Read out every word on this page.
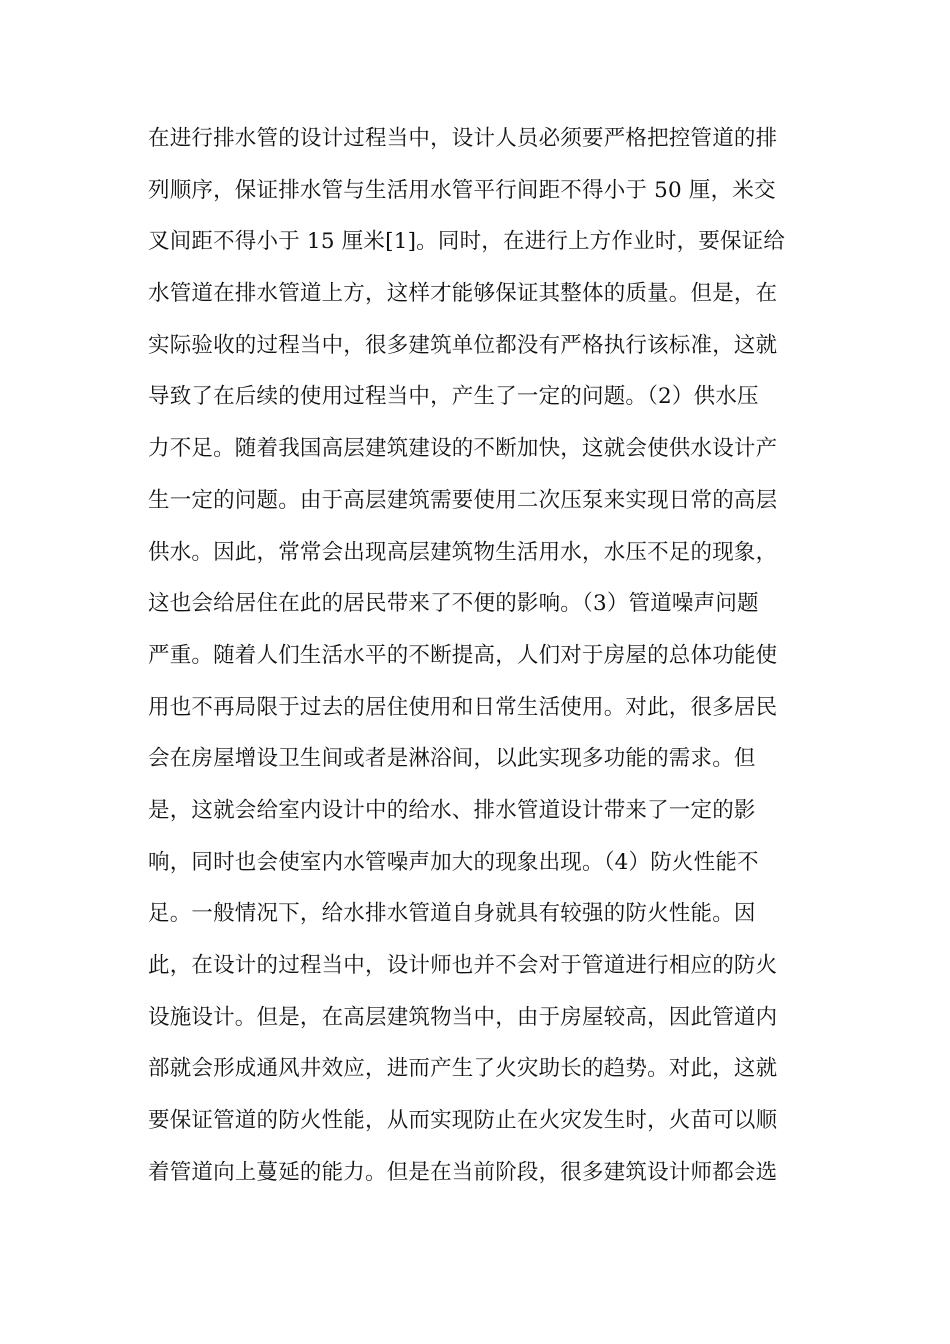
在进行排水管的设计过程当中，设计人员必须要严格把控管道的排
列顺序，保证排水管与生活用水管平行间距不得小于 50 厘，米交
叉间距不得小于 15 厘米[1]。同时，在进行上方作业时，要保证给
水管道在排水管道上方，这样才能够保证其整体的质量。但是，在
实际验收的过程当中，很多建筑单位都没有严格执行该标准，这就
导致了在后续的使用过程当中，产生了一定的问题。（2）供水压
力不足。随着我国高层建筑建设的不断加快，这就会使供水设计产
生一定的问题。由于高层建筑需要使用二次压泵来实现日常的高层
供水。因此，常常会出现高层建筑物生活用水，水压不足的现象，
这也会给居住在此的居民带来了不便的影响。（3）管道噪声问题
严重。随着人们生活水平的不断提高，人们对于房屋的总体功能使
用也不再局限于过去的居住使用和日常生活使用。对此，很多居民
会在房屋增设卫生间或者是淋浴间，以此实现多功能的需求。但
是，这就会给室内设计中的给水、排水管道设计带来了一定的影
响，同时也会使室内水管噪声加大的现象出现。（4）防火性能不
足。一般情况下，给水排水管道自身就具有较强的防火性能。因
此，在设计的过程当中，设计师也并不会对于管道进行相应的防火
设施设计。但是，在高层建筑物当中，由于房屋较高，因此管道内
部就会形成通风井效应，进而产生了火灾助长的趋势。对此，这就
要保证管道的防火性能，从而实现防止在火灾发生时，火苗可以顺
着管道向上蔓延的能力。但是在当前阶段，很多建筑设计师都会选
